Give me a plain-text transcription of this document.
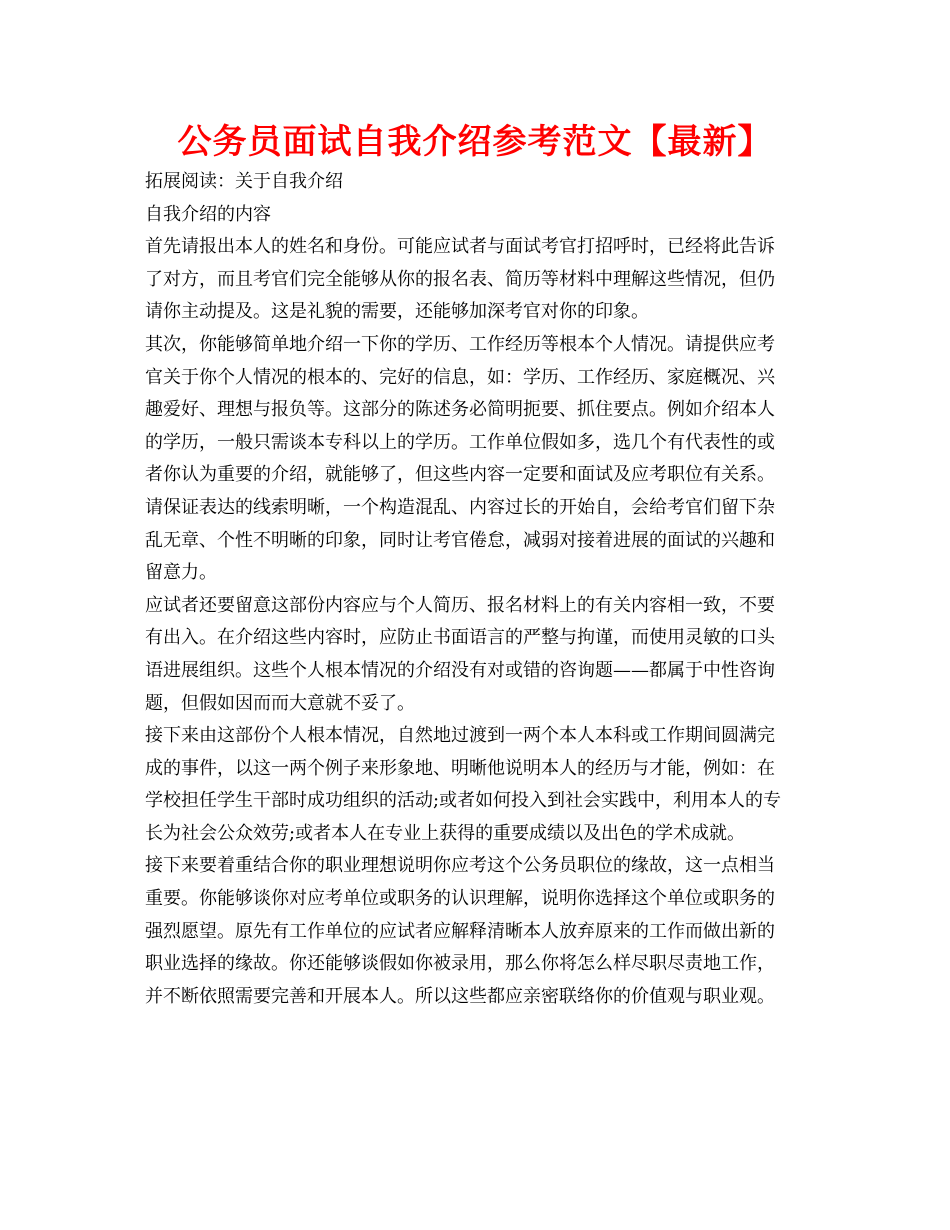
公务员面试自我介绍参考范文【最新】
拓展阅读：关于自我介绍
自我介绍的内容
首先请报出本人的姓名和身份。可能应试者与面试考官打招呼时，已经将此告诉
了对方，而且考官们完全能够从你的报名表、简历等材料中理解这些情况，但仍
请你主动提及。这是礼貌的需要，还能够加深考官对你的印象。
其次，你能够简单地介绍一下你的学历、工作经历等根本个人情况。请提供应考
官关于你个人情况的根本的、完好的信息，如：学历、工作经历、家庭概况、兴
趣爱好、理想与报负等。这部分的陈述务必简明扼要、抓住要点。例如介绍本人
的学历，一般只需谈本专科以上的学历。工作单位假如多，选几个有代表性的或
者你认为重要的介绍，就能够了，但这些内容一定要和面试及应考职位有关系。
请保证表达的线索明晰，一个构造混乱、内容过长的开始自，会给考官们留下杂
乱无章、个性不明晰的印象，同时让考官倦怠，减弱对接着进展的面试的兴趣和
留意力。
应试者还要留意这部份内容应与个人简历、报名材料上的有关内容相一致，不要
有出入。在介绍这些内容时，应防止书面语言的严整与拘谨，而使用灵敏的口头
语进展组织。这些个人根本情况的介绍没有对或错的咨询题——都属于中性咨询
题，但假如因而而大意就不妥了。
接下来由这部份个人根本情况，自然地过渡到一两个本人本科或工作期间圆满完
成的事件，以这一两个例子来形象地、明晰他说明本人的经历与才能，例如：在
学校担任学生干部时成功组织的活动;或者如何投入到社会实践中，利用本人的专
长为社会公众效劳;或者本人在专业上获得的重要成绩以及出色的学术成就。
接下来要着重结合你的职业理想说明你应考这个公务员职位的缘故，这一点相当
重要。你能够谈你对应考单位或职务的认识理解，说明你选择这个单位或职务的
强烈愿望。原先有工作单位的应试者应解释清晰本人放弃原来的工作而做出新的
职业选择的缘故。你还能够谈假如你被录用，那么你将怎么样尽职尽责地工作，
并不断依照需要完善和开展本人。所以这些都应亲密联络你的价值观与职业观。
